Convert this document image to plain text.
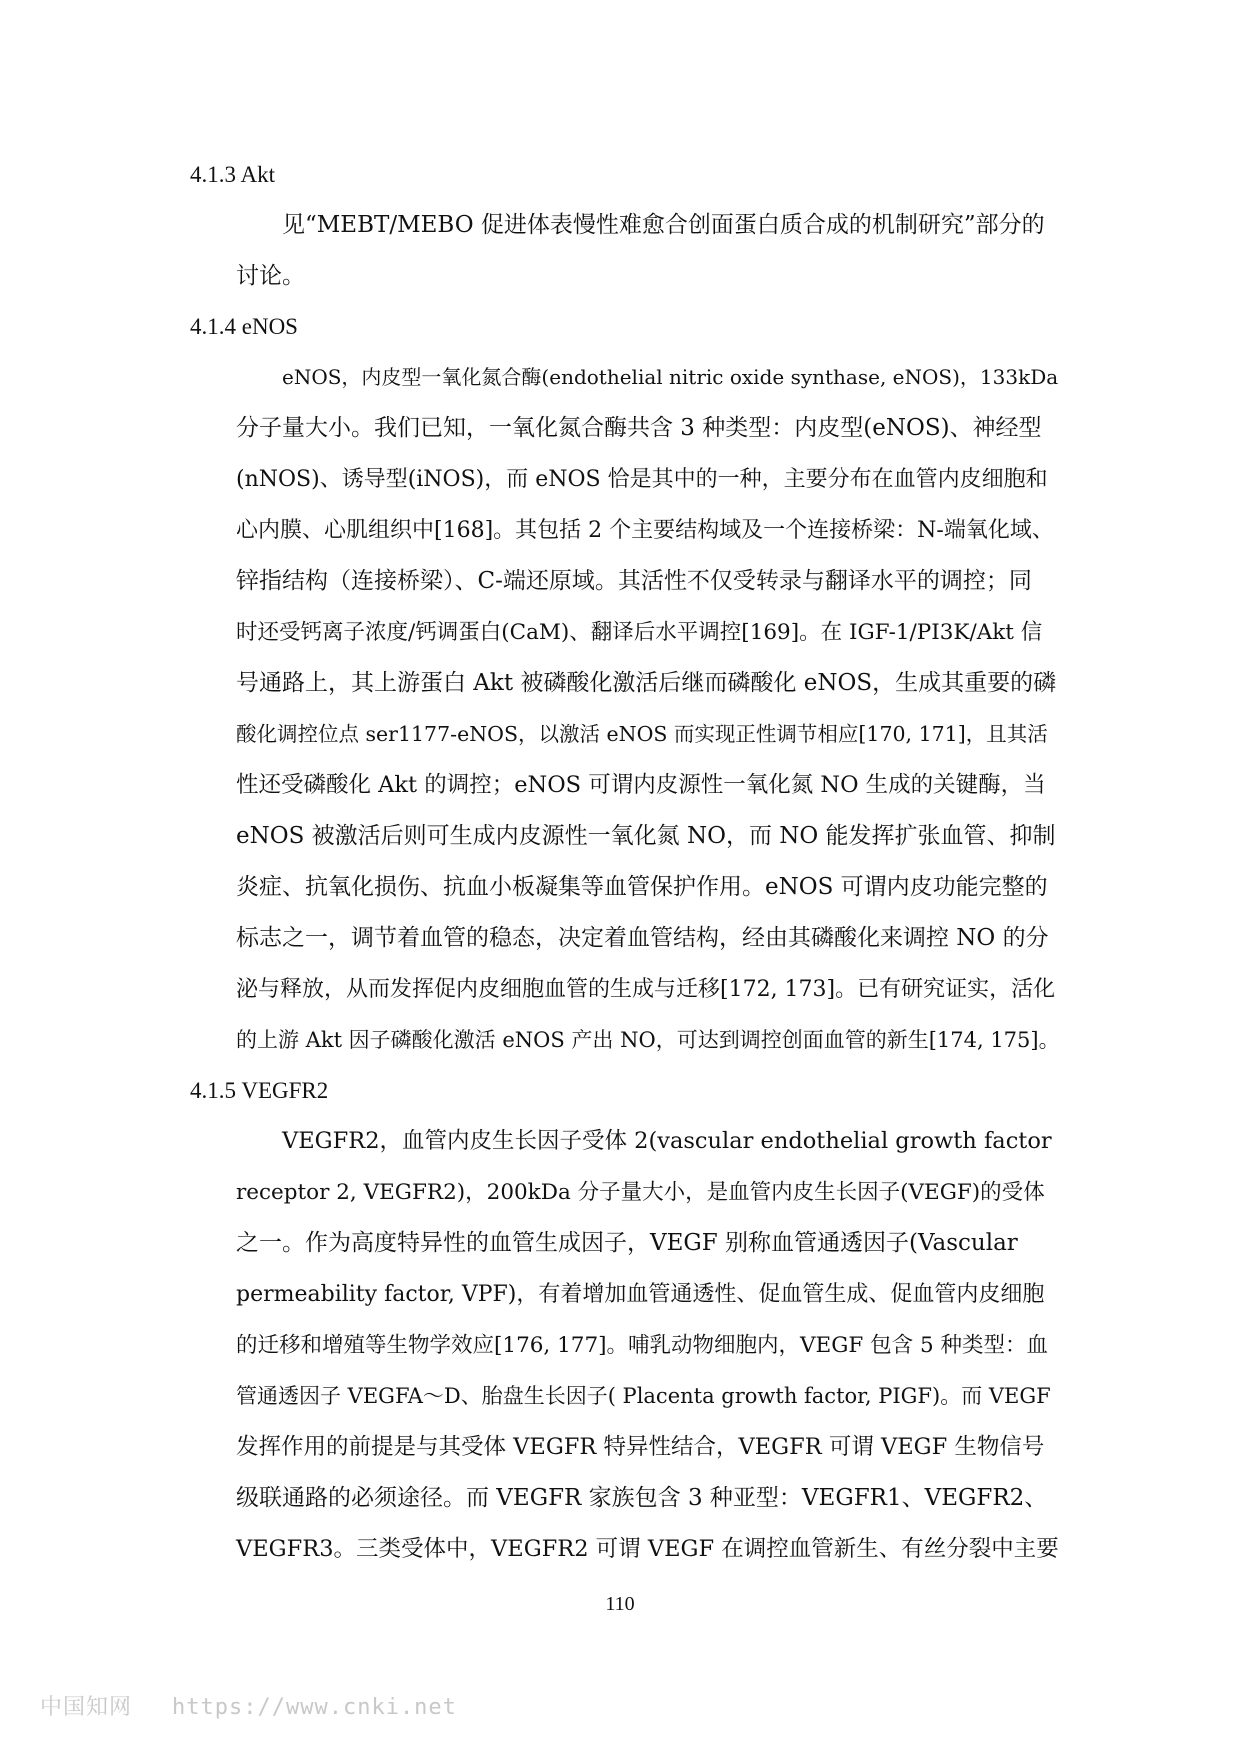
4.1.3 Akt
见“MEBT/MEBO 促进体表慢性难愈合创面蛋白质合成的机制研究”部分的
讨论。
4.1.4 eNOS
eNOS，内皮型一氧化氮合酶(endothelial nitric oxide synthase, eNOS)，133kDa
分子量大小。我们已知，一氧化氮合酶共含 3 种类型：内皮型(eNOS)、神经型
(nNOS)、诱导型(iNOS)，而 eNOS 恰是其中的一种，主要分布在血管内皮细胞和
心内膜、心肌组织中[168]。其包括 2 个主要结构域及一个连接桥梁：N-端氧化域、
锌指结构（连接桥梁）、C-端还原域。其活性不仅受转录与翻译水平的调控；同
时还受钙离子浓度/钙调蛋白(CaM)、翻译后水平调控[169]。在 IGF-1/PI3K/Akt 信
号通路上，其上游蛋白 Akt 被磷酸化激活后继而磷酸化 eNOS，生成其重要的磷
酸化调控位点 ser1177-eNOS，以激活 eNOS 而实现正性调节相应[170, 171]，且其活
性还受磷酸化 Akt 的调控；eNOS 可谓内皮源性一氧化氮 NO 生成的关键酶，当
eNOS 被激活后则可生成内皮源性一氧化氮 NO，而 NO 能发挥扩张血管、抑制
炎症、抗氧化损伤、抗血小板凝集等血管保护作用。eNOS 可谓内皮功能完整的
标志之一，调节着血管的稳态，决定着血管结构，经由其磷酸化来调控 NO 的分
泌与释放，从而发挥促内皮细胞血管的生成与迁移[172, 173]。已有研究证实，活化
的上游 Akt 因子磷酸化激活 eNOS 产出 NO，可达到调控创面血管的新生[174, 175]。
4.1.5 VEGFR2
VEGFR2，血管内皮生长因子受体 2(vascular endothelial growth factor
receptor 2, VEGFR2)，200kDa 分子量大小，是血管内皮生长因子(VEGF)的受体
之一。作为高度特异性的血管生成因子，VEGF 别称血管通透因子(Vascular
permeability factor, VPF)，有着增加血管通透性、促血管生成、促血管内皮细胞
的迁移和增殖等生物学效应[176, 177]。哺乳动物细胞内，VEGF 包含 5 种类型：血
管通透因子 VEGFA～D、胎盘生长因子( Placenta growth factor, PIGF)。而 VEGF
发挥作用的前提是与其受体 VEGFR 特异性结合，VEGFR 可谓 VEGF 生物信号
级联通路的必须途径。而 VEGFR 家族包含 3 种亚型：VEGFR1、VEGFR2、
VEGFR3。三类受体中，VEGFR2 可谓 VEGF 在调控血管新生、有丝分裂中主要
110
中国知网 https://www.cnki.net
